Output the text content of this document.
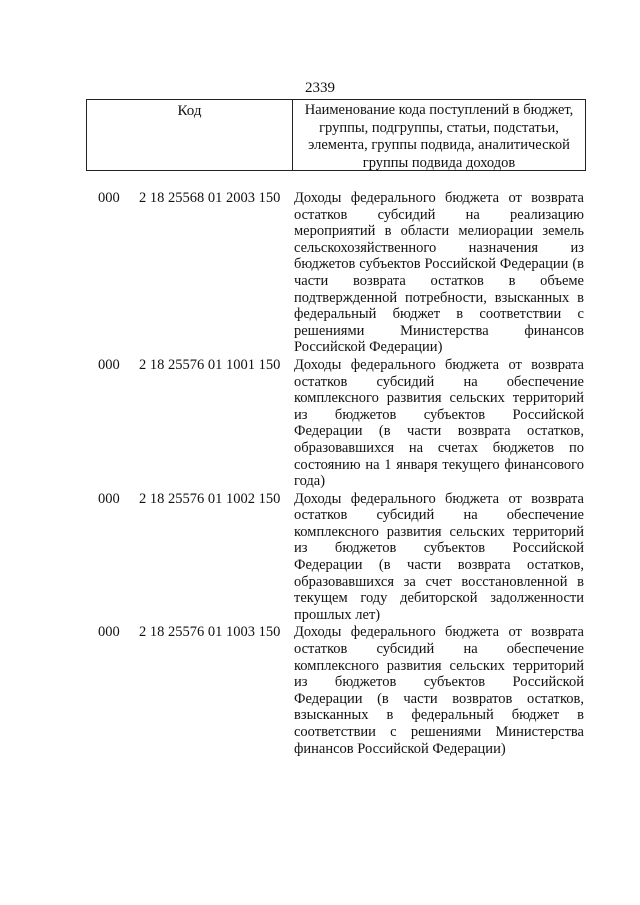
2339
Код	Наименование кода поступлений в бюджет, группы, подгруппы, статьи, подстатьи, элемента, группы подвида, аналитической группы подвида доходов
000 2 18 25568 01 2003 150 Доходы федерального бюджета от возврата остатков субсидий на реализацию мероприятий в области мелиорации земель сельскохозяйственного назначения из бюджетов субъектов Российской Федерации (в части возврата остатков в объеме подтвержденной потребности, взысканных в федеральный бюджет в соответствии с решениями Министерства финансов Российской Федерации)
000 2 18 25576 01 1001 150 Доходы федерального бюджета от возврата остатков субсидий на обеспечение комплексного развития сельских территорий из бюджетов субъектов Российской Федерации (в части возврата остатков, образовавшихся на счетах бюджетов по состоянию на 1 января текущего финансового года)
000 2 18 25576 01 1002 150 Доходы федерального бюджета от возврата остатков субсидий на обеспечение комплексного развития сельских территорий из бюджетов субъектов Российской Федерации (в части возврата остатков, образовавшихся за счет восстановленной в текущем году дебиторской задолженности прошлых лет)
000 2 18 25576 01 1003 150 Доходы федерального бюджета от возврата остатков субсидий на обеспечение комплексного развития сельских территорий из бюджетов субъектов Российской Федерации (в части возвратов остатков, взысканных в федеральный бюджет в соответствии с решениями Министерства финансов Российской Федерации)
